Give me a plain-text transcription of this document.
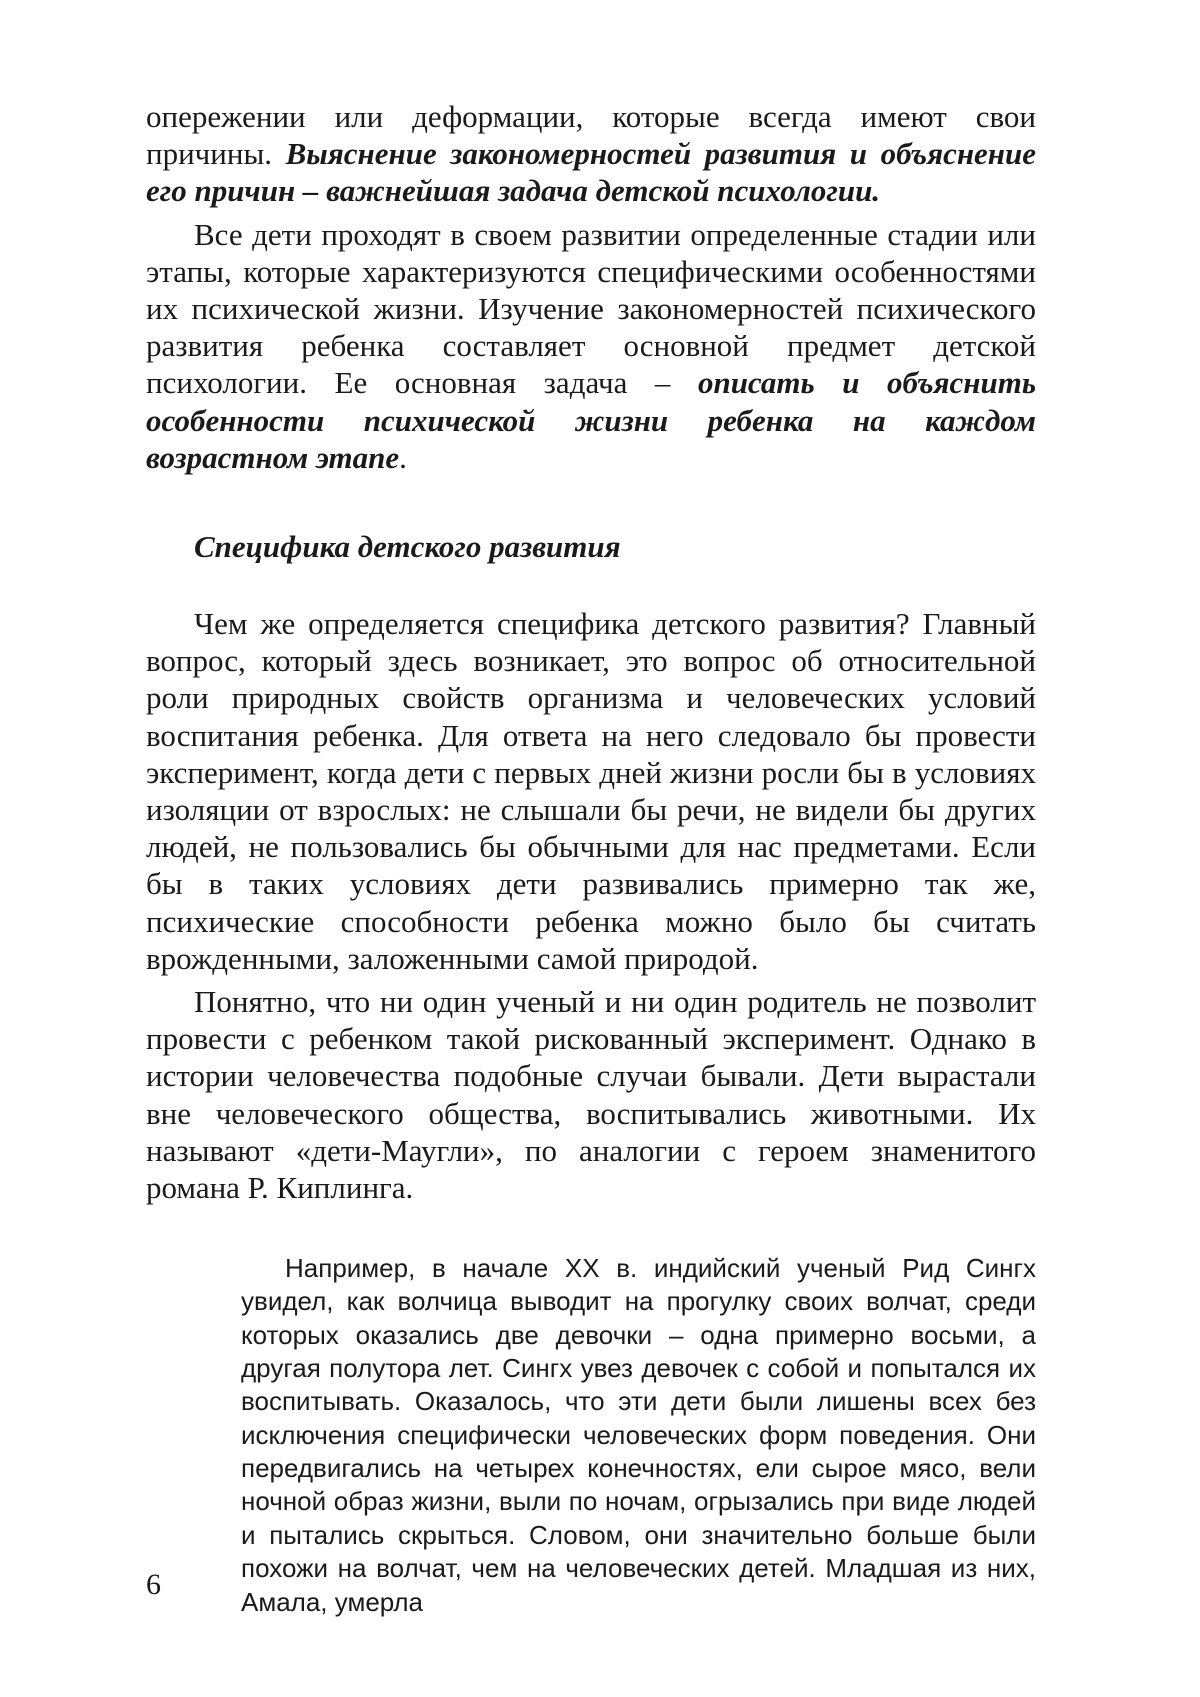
опережении или деформации, которые всегда имеют свои причины. Выяснение закономерностей развития и объяснение его причин – важнейшая задача детской психологии.

Все дети проходят в своем развитии определенные стадии или этапы, которые характеризуются специфическими особенностями их психической жизни. Изучение закономерностей психического развития ребенка составляет основной предмет детской психологии. Ее основная задача – описать и объяснить особенности психической жизни ребенка на каждом возрастном этапе.

Специфика детского развития

Чем же определяется специфика детского развития? Главный вопрос, который здесь возникает, это вопрос об относительной роли природных свойств организма и человеческих условий воспитания ребенка. Для ответа на него следовало бы провести эксперимент, когда дети с первых дней жизни росли бы в условиях изоляции от взрослых: не слышали бы речи, не видели бы других людей, не пользовались бы обычными для нас предметами. Если бы в таких условиях дети развивались примерно так же, психические способности ребенка можно было бы считать врожденными, заложенными самой природой.

Понятно, что ни один ученый и ни один родитель не позволит провести с ребенком такой рискованный эксперимент. Однако в истории человечества подобные случаи бывали. Дети вырастали вне человеческого общества, воспитывались животными. Их называют «дети-Маугли», по аналогии с героем знаменитого романа Р. Киплинга.

Например, в начале XX в. индийский ученый Рид Сингх увидел, как волчица выводит на прогулку своих волчат, среди которых оказались две девочки – одна примерно восьми, а другая полутора лет. Сингх увез девочек с собой и попытался их воспитывать. Оказалось, что эти дети были лишены всех без исключения специфически человеческих форм поведения. Они передвигались на четырех конечностях, ели сырое мясо, вели ночной образ жизни, выли по ночам, огрызались при виде людей и пытались скрыться. Словом, они значительно больше были похожи на волчат, чем на человеческих детей. Младшая из них, Амала, умерла

6
